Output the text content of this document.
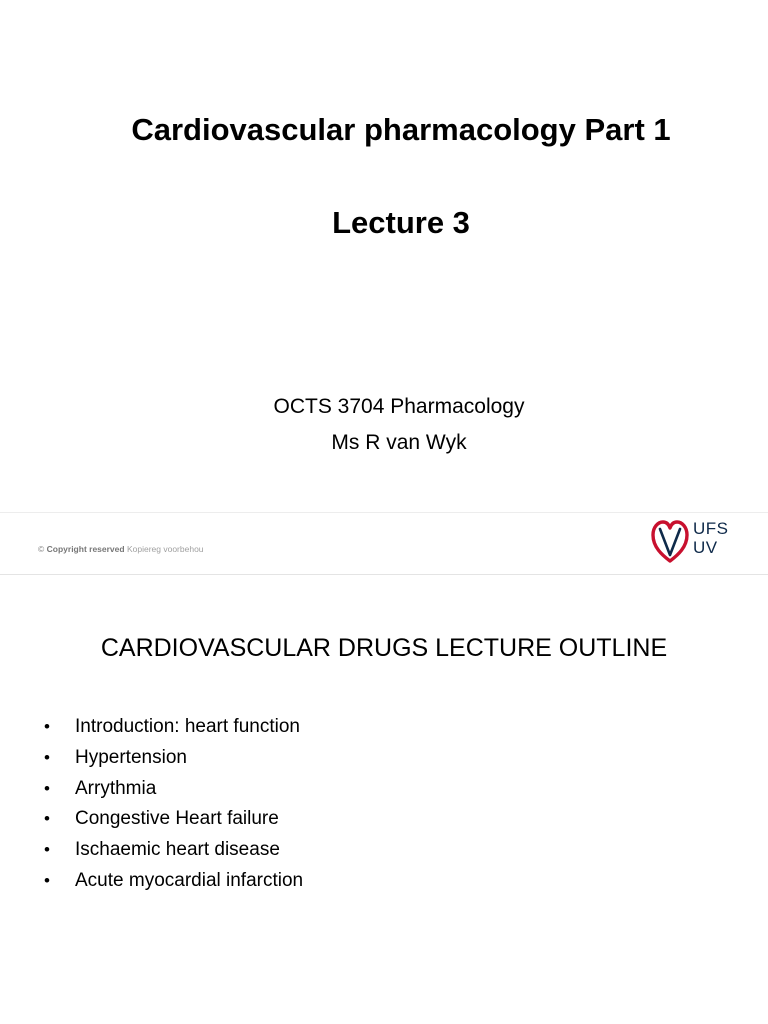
Cardiovascular pharmacology Part 1
Lecture 3
OCTS 3704 Pharmacology
Ms R van Wyk
© Copyright reserved Kopiereg voorbehou
UFS
UV
CARDIOVASCULAR DRUGS LECTURE OUTLINE
• Introduction: heart function
• Hypertension
• Arrythmia
• Congestive Heart failure
• Ischaemic heart disease
• Acute myocardial infarction
